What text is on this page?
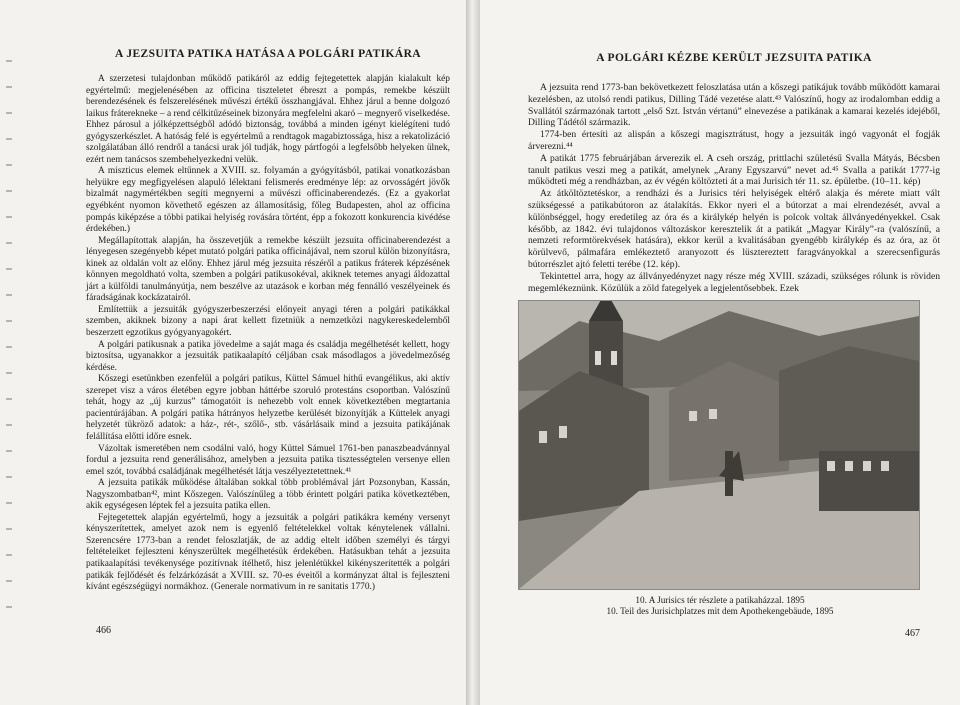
A JEZSUITA PATIKA HATÁSA A POLGÁRI PATIKÁRA

A szerzetesi tulajdonban működő patikáról az eddig fejtegetettek alapján kialakult kép egyértelmű: megjelenésében az officina tiszteletet ébreszt a pompás, remekbe készült berendezésének és felszerelésének művészi értékű összhangjával. Ehhez járul a benne dolgozó laikus fráterekneke – a rend célkitűzéseinek bizonyára megfelelni akaró – megnyerő viselkedése. Ehhez párosul a jólképzettségből adódó biztonság, továbbá a minden igényt kielégíteni tudó gyógyszerkészlet. A hatóság felé is egyértelmű a rendtagok magabiztossága, hisz a rekatolizáció szolgálatában álló rendről a tanácsi urak jól tudják, hogy pártfogói a legfelsőbb helyeken ülnek, ezért nem tanácsos szembehelyezkedni velük.

A miszticus elemek eltűnnek a XVIII. sz. folyamán a gyógyításból, patikai vonatkozásban helyükre egy megfigyelésen alapuló lélektani felismerés eredménye lép: az orvosságért jövők bizalmát nagymértékben segíti megnyerni a művészi officinaberendezés. (Ez a gyakorlat egyébként nyomon követhető egészen az államosításig, főleg Budapesten, ahol az officina pompás kiképzése a többi patikai helyiség rovására történt, épp a fokozott konkurencia kivédése érdekében.)

Megállapítottak alapján, ha összevetjük a remekbe készült jezsuita officinaberendezést a lényegesen szegényebb képet mutató polgári patika officinájával, nem szorul külön bizonyításra, kinek az oldalán volt az előny. Ehhez járul még jezsuita részéről a patikus fráterek képzésének könnyen megoldható volta, szemben a polgári patikusokéval, akiknek tetemes anyagi áldozattal járt a külföldi tanulmányútja, nem beszélve az utazások e korban még fennálló veszélyeinek és fáradságának kockázatairól.

Említettük a jezsuiták gyógyszerbeszerzési előnyeit anyagi téren a polgári patikákkal szemben, akiknek bizony a napi árat kellett fizetniük a nemzetközi nagykereskedelemből beszerzett egzotikus gyógyanyagokért.

A polgári patikusnak a patika jövedelme a saját maga és családja megélhetését kellett, hogy biztosítsa, ugyanakkor a jezsuiták patikaalapító céljában csak másodlagos a jövedelmezőség kérdése.

Kőszegi esetünkben ezenfelül a polgári patikus, Küttel Sámuel hithű evangélikus, aki aktív szerepet visz a város életében egyre jobban háttérbe szoruló protestáns csoportban. Valószínű tehát, hogy az „új kurzus” támogatóit is nehezebb volt ennek következtében megtartania pacientúrájában. A polgári patika hátrányos helyzetbe kerülését bizonyítják a Küttelek anyagi helyzetét tükröző adatok: a ház-, rét-, szőlő-, stb. vásárlásaik mind a jezsuita patikájának felállítása előtti időre esnek.

Vázoltak ismeretében nem csodálni való, hogy Küttel Sámuel 1761-ben panaszbeadvánnyal fordul a jezsuita rend generálisához, amelyben a jezsuita patika tisztességtelen versenye ellen emel szót, továbbá családjának megélhetését látja veszélyeztetettnek.⁴¹

A jezsuita patikák működése általában sokkal több problémával járt Pozsonyban, Kassán, Nagyszombatban⁴², mint Kőszegen. Valószínűleg a több érintett polgári patika következtében, akik egységesen léptek fel a jezsuita patika ellen.

Fejtegetettek alapján egyértelmű, hogy a jezsuiták a polgári patikákra kemény versenyt kényszerítettek, amelyet azok nem is egyenlő feltételekkel voltak kénytelenek vállalni. Szerencsére 1773-ban a rendet feloszlatják, de az addig eltelt időben személyi és tárgyi feltételeiket fejleszteni kényszerültek megélhetésük érdekében. Hatásukban tehát a jezsuita patikaalapítási tevékenysége pozitívnak ítélhető, hisz jelenlétükkel kikényszerítették a polgári patikák fejlődését és felzárkózását a XVIII. sz. 70-es éveitől a kormányzat által is fejleszteni kívánt egészségügyi normákhoz. (Generale normativum in re sanitatis 1770.)

466
A POLGÁRI KÉZBE KERÜLT JEZSUITA PATIKA

A jezsuita rend 1773-ban bekövetkezett feloszlatása után a kőszegi patikájuk tovább működött kamarai kezelésben, az utolsó rendi patikus, Dilling Tádé vezetése alatt.⁴³ Valószínű, hogy az irodalomban eddig a Svallától származónak tartott „első Szt. István vértanú” elnevezése a patikának a kamarai kezelés idejéből, Dilling Tádétól származik.

1774-ben értesíti az alispán a kőszegi magisztrátust, hogy a jezsuiták ingó vagyonát el fogják árverezni.⁴⁴

A patikát 1775 februárjában árverezik el. A cseh ország, prittlachi születésű Svalla Mátyás, Bécsben tanult patikus veszi meg a patikát, amelynek „Arany Egyszarvú” nevet ad.⁴⁵ Svalla a patikát 1777-ig működteti még a rendházban, az év végén költözteti át a mai Jurisich tér 11. sz. épületbe. (10–11. kép)

Az átköltöztetéskor, a rendházi és a Jurisics téri helyiségek eltérő alakja és mérete miatt vált szükségessé a patikabútoron az átalakítás. Ekkor nyeri el a bútorzat a mai elrendezését, avval a különbséggel, hogy eredetileg az óra és a királykép helyén is polcok voltak állványedényekkel. Csak később, az 1842. évi tulajdonos változáskor keresztelik át a patikát „Magyar Király”-ra (valószínű, a nemzeti reformtörekvések hatására), ekkor kerül a kvalitásában gyengébb királykép és az óra, az öt körülvevő, pálmafára emlékeztető aranyozott és lüsztereztett faragványokkal a szerecsenfigurás bútorrészlet ajtó feletti terébe (12. kép).

Tekintettel arra, hogy az állványedényzet nagy része még XVIII. századi, szükséges rólunk is röviden megemlékeznünk. Közülük a zöld fategelyek a legjelentősebbek. Ezek

10. A Jurisics tér részlete a patikaházzal. 1895
10. Teil des Jurisichplatzes mit dem Apothekengebäude, 1895
467
